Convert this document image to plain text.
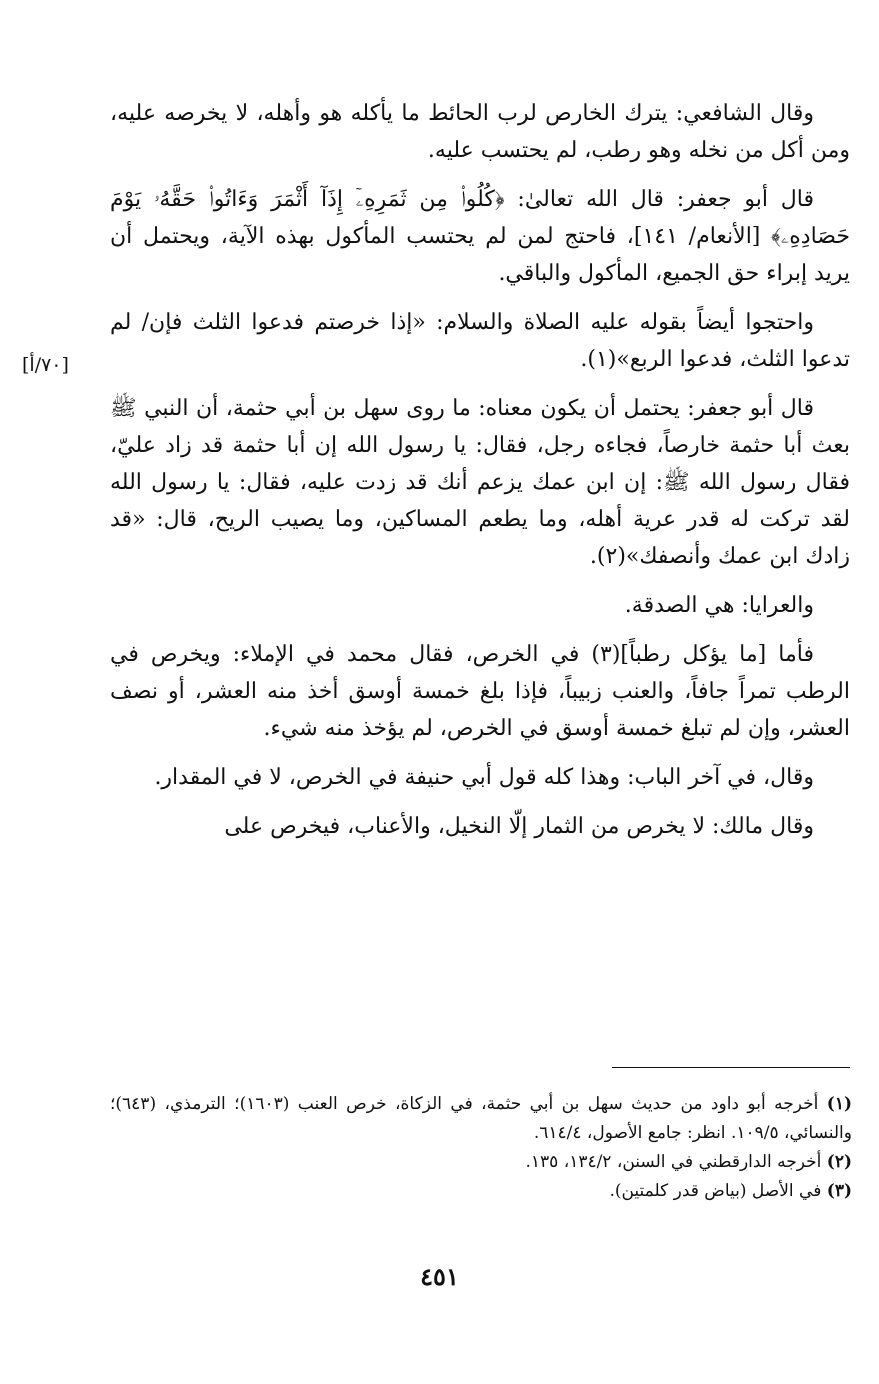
وقال الشافعي: يترك الخارص لرب الحائط ما يأكله هو وأهله، لا يخرصه عليه، ومن أكل من نخله وهو رطب، لم يحتسب عليه.

قال أبو جعفر: قال الله تعالىٰ: ﴿كُلُوا۟ مِن ثَمَرِهِۦٓ إِذَآ أَثْمَرَ وَءَاتُوا۟ حَقَّهُۥ يَوْمَ حَصَادِهِۦ﴾ [الأنعام/ ١٤١]، فاحتج لمن لم يحتسب المأكول بهذه الآية، ويحتمل أن يريد إبراء حق الجميع، المأكول والباقي.

واحتجوا أيضاً بقوله عليه الصلاة والسلام: «إذا خرصتم فدعوا الثلث فإن/ لم تدعوا الثلث، فدعوا الربع»(١).

قال أبو جعفر: يحتمل أن يكون معناه: ما روى سهل بن أبي حثمة، أن النبي ﷺ بعث أبا حثمة خارصاً، فجاءه رجل، فقال: يا رسول الله إن أبا حثمة قد زاد عليّ، فقال رسول الله ﷺ: إن ابن عمك يزعم أنك قد زدت عليه، فقال: يا رسول الله لقد تركت له قدر عرية أهله، وما يطعم المساكين، وما يصيب الريح، قال: «قد زادك ابن عمك وأنصفك»(٢).

والعرايا: هي الصدقة.

فأما [ما يؤكل رطباً](٣) في الخرص، فقال محمد في الإملاء: ويخرص في الرطب تمراً جافاً، والعنب زبيباً، فإذا بلغ خمسة أوسق أخذ منه العشر، أو نصف العشر، وإن لم تبلغ خمسة أوسق في الخرص، لم يؤخذ منه شيء.

وقال، في آخر الباب: وهذا كله قول أبي حنيفة في الخرص، لا في المقدار.

وقال مالك: لا يخرص من الثمار إلّا النخيل، والأعناب، فيخرص على

[٧٠/أ]

(١) أخرجه أبو داود من حديث سهل بن أبي حثمة، في الزكاة، خرص العنب (١٦٠٣)؛ الترمذي، (٦٤٣)؛ والنسائي، ١٠٩/٥. انظر: جامع الأصول، ٦١٤/٤.

(٢) أخرجه الدارقطني في السنن، ١٣٤/٢، ١٣٥.

(٣) في الأصل (بياض قدر كلمتين).

٤٥١
